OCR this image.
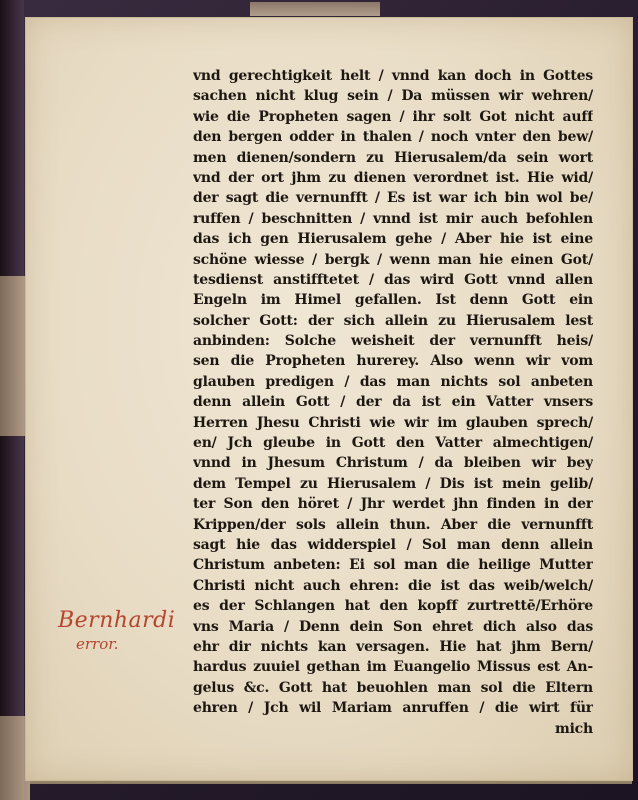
vnd gerechtigkeit helt / vnnd kan doch in Gottes
sachen nicht klug sein / Da müssen wir wehren/
wie die Propheten sagen / ihr solt Got nicht auff
den bergen odder in thalen / noch vnter den bew/
men dienen/sondern zu Hierusalem/da sein wort
vnd der ort jhm zu dienen verordnet ist. Hie wid/
der sagt die vernunfft / Es ist war ich bin wol be/
ruffen / beschnitten / vnnd ist mir auch befohlen
das ich gen Hierusalem gehe / Aber hie ist eine
schöne wiesse / bergk / wenn man hie einen Got/
tesdienst anstifftetet / das wird Gott vnnd allen
Engeln im Himel gefallen. Ist denn Gott ein
solcher Gott: der sich allein zu Hierusalem lest
anbinden: Solche weisheit der vernunfft heis/
sen die Propheten hurerey. Also wenn wir vom
glauben predigen / das man nichts sol anbeten
denn allein Gott / der da ist ein Vatter vnsers
Herren Jhesu Christi wie wir im glauben sprech/
en/ Jch gleube in Gott den Vatter almechtigen/
vnnd in Jhesum Christum / da bleiben wir bey
dem Tempel zu Hierusalem / Dis ist mein gelib/
ter Son den höret / Jhr werdet jhn finden in der
Krippen/der sols allein thun. Aber die vernunfft
sagt hie das widderspiel / Sol man denn allein
Christum anbeten: Ei sol man die heilige Mutter
Christi nicht auch ehren: die ist das weib/welch/
es der Schlangen hat den kopff zurtrettē/Erhöre
vns Maria / Denn dein Son ehret dich also das
ehr dir nichts kan versagen. Hie hat jhm Bern/
hardus zuuiel gethan im Euangelio Missus est An-
gelus &c. Gott hat beuohlen man sol die Eltern
ehren / Jch wil Mariam anruffen / die wirt für
mich
Bernhardi
error.
